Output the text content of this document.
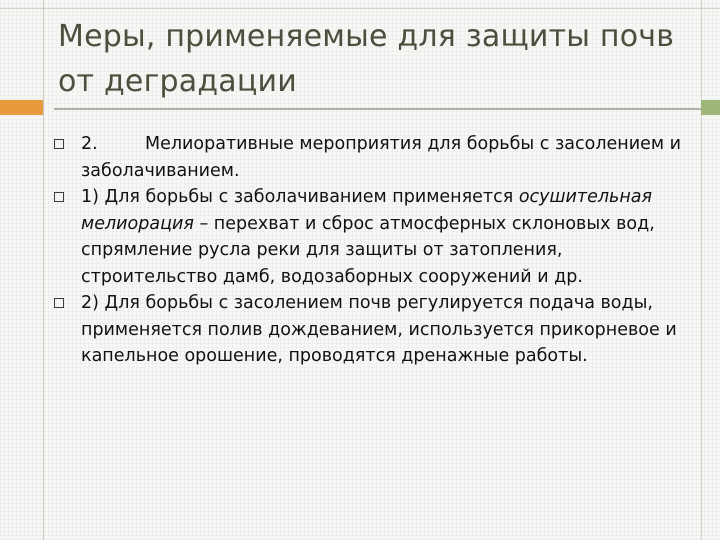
Меры, применяемые для защиты почв от деградации
2.	Мелиоративные мероприятия для борьбы с засолением и заболачиванием.
1) Для борьбы с заболачиванием применяется осушительная мелиорация – перехват и сброс атмосферных склоновых вод, спрямление русла реки для защиты от затопления, строительство дамб, водозаборных сооружений и др.
2) Для борьбы с засолением почв регулируется подача воды, применяется полив дождеванием, используется прикорневое и капельное орошение, проводятся дренажные работы.
